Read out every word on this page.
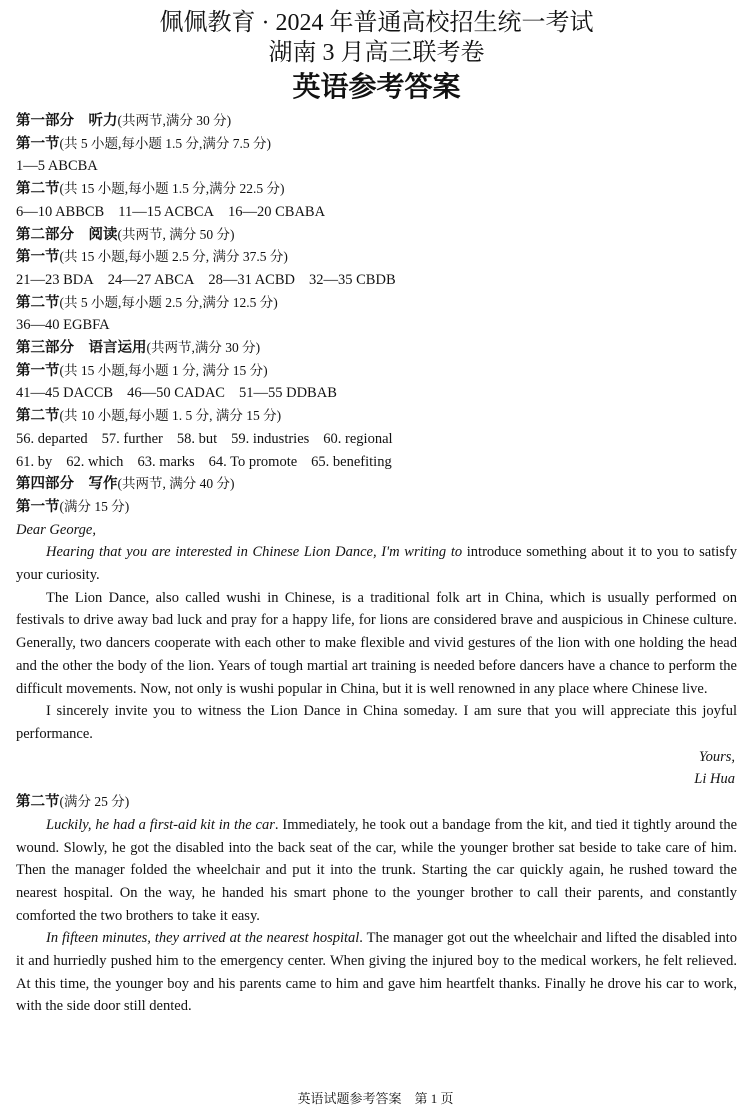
佩佩教育 · 2024 年普通高校招生统一考试
湖南 3 月高三联考卷
英语参考答案
第一部分　听力(共两节,满分 30 分)
第一节(共 5 小题,每小题 1.5 分,满分 7.5 分)
1—5 ABCBA
第二节(共 15 小题,每小题 1.5 分,满分 22.5 分)
6—10 ABBCB 11—15 ACBCA 16—20 CBABA
第二部分　阅读(共两节, 满分 50 分)
第一节(共 15 小题,每小题 2.5 分, 满分 37.5 分)
21—23 BDA 24—27 ABCA 28—31 ACBD 32—35 CBDB
第二节(共 5 小题,每小题 2.5 分,满分 12.5 分)
36—40 EGBFA
第三部分　语言运用(共两节,满分 30 分)
第一节(共 15 小题,每小题 1 分, 满分 15 分)
41—45 DACCB 46—50 CADAC 51—55 DDBAB
第二节(共 10 小题,每小题 1. 5 分, 满分 15 分)
56. departed 57. further 58. but 59. industries 60. regional
61. by 62. which 63. marks 64. To promote 65. benefiting
第四部分　写作(共两节, 满分 40 分)
第一节(满分 15 分)
Dear George,

Hearing that you are interested in Chinese Lion Dance, I'm writing to introduce something about it to you to satisfy your curiosity.

The Lion Dance, also called wushi in Chinese, is a traditional folk art in China, which is usually performed on festivals to drive away bad luck and pray for a happy life, for lions are considered brave and auspicious in Chinese culture. Generally, two dancers cooperate with each other to make flexible and vivid gestures of the lion with one holding the head and the other the body of the lion. Years of tough martial art training is needed before dancers have a chance to perform the difficult movements. Now, not only is wushi popular in China, but it is well renowned in any place where Chinese live.

I sincerely invite you to witness the Lion Dance in China someday. I am sure that you will appreciate this joyful performance.

Yours,
Li Hua
第二节(满分 25 分)

Luckily, he had a first-aid kit in the car. Immediately, he took out a bandage from the kit, and tied it tightly around the wound. Slowly, he got the disabled into the back seat of the car, while the younger brother sat beside to take care of him. Then the manager folded the wheelchair and put it into the trunk. Starting the car quickly again, he rushed toward the nearest hospital. On the way, he handed his smart phone to the younger brother to call their parents, and constantly comforted the two brothers to take it easy.

In fifteen minutes, they arrived at the nearest hospital. The manager got out the wheelchair and lifted the disabled into it and hurriedly pushed him to the emergency center. When giving the injured boy to the medical workers, he felt relieved. At this time, the younger boy and his parents came to him and gave him heartfelt thanks. Finally he drove his car to work, with the side door still dented.

英语试题参考答案　第 1 页
